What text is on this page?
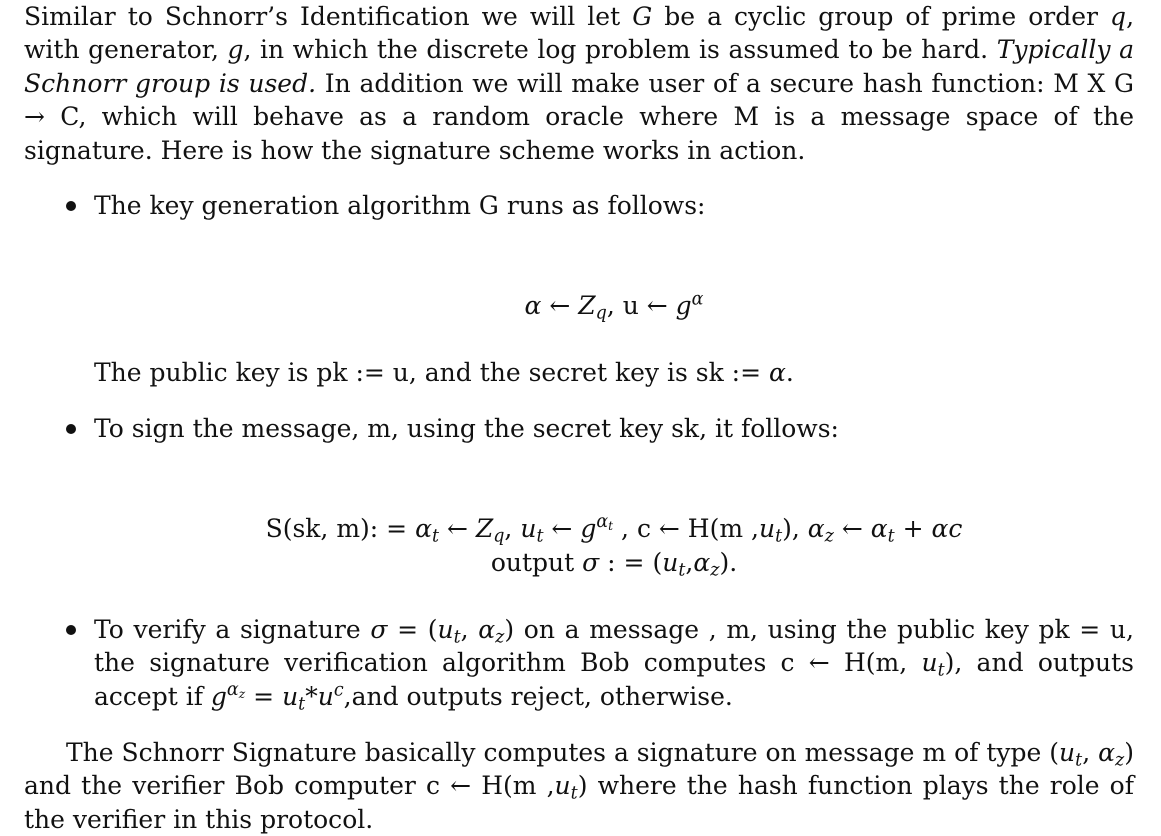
Similar to Schnorr’s Identification we will let G be a cyclic group of prime order q, with generator, g, in which the discrete log problem is assumed to be hard. Typically a Schnorr group is used. In addition we will make user of a secure hash function: M X G → C, which will behave as a random oracle where M is a message space of the signature. Here is how the signature scheme works in action.

The key generation algorithm G runs as follows:
α ← $Z_q$, u ← $g^\alpha$
The public key is pk := u, and the secret key is sk := α.
To sign the message, m, using the secret key sk, it follows:
S(sk, m): = $\alpha_t$ ← $Z_q$, $u_t$ ← $g^{\alpha_t}$ , c ← H(m $,u_t$), $\alpha_z$ ← $\alpha_t + \alpha c$
output σ : = $(u_t,\alpha_z)$.
To verify a signature $\sigma = (u_t$, $\alpha_z$) on a message , m, using the public key pk = u, the signature verification algorithm Bob computes c ← H(m, $u_t$), and outputs accept if $g^{\alpha_z} = u_t*u^c,and$ outputs reject, otherwise.

The Schnorr Signature basically computes a signature on message m of type ($u_t$, $\alpha_z$) and the verifier Bob computer c ← H(m $,u_t$) where the hash function plays the role of the verifier in this protocol.
